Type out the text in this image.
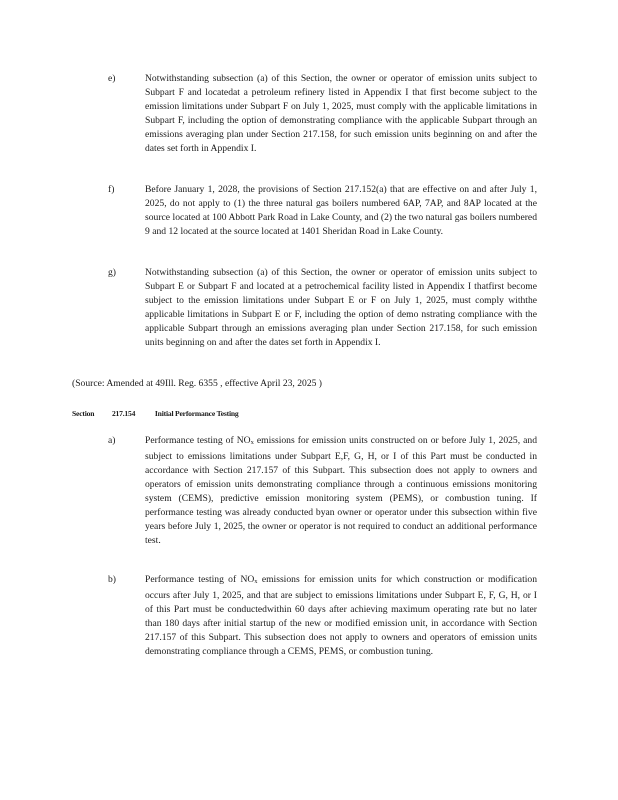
e)	Notwithstanding subsection (a) of this Section, the owner or operator of emission units subject to Subpart F and locatedat a petroleum refinery listed in Appendix I that first become subject to the emission limitations under Subpart F on July 1, 2025, must comply with the applicable limitations in Subpart F, including the option of demonstrating compliance with the applicable Subpart through an emissions averaging plan under Section 217.158, for such emission units beginning on and after the dates set forth in Appendix I.
f)	Before January 1, 2028, the provisions of Section 217.152(a) that are effective on and after July 1, 2025, do not apply to (1) the three natural gas boilers numbered 6AP, 7AP, and 8AP located at the source located at 100 Abbott Park Road in Lake County, and (2) the two natural gas boilers numbered 9 and 12 located at the source located at 1401 Sheridan Road in Lake County.
g)	Notwithstanding subsection (a) of this Section, the owner or operator of emission units subject to Subpart E or Subpart F and located at a petrochemical facility listed in Appendix I thatfirst become subject to the emission limitations under Subpart E or F on July 1, 2025, must comply withthe applicable limitations in Subpart E or F, including the option of demo nstrating compliance with the applicable Subpart through an emissions averaging plan under Section 217.158, for such emission units beginning on and after the dates set forth in Appendix I.
(Source: Amended at 49Ill. Reg. 6355 , effective April 23, 2025 )
Section 217.154	Initial Performance Testing
a)	Performance testing of NOx emissions for emission units constructed on or before July 1, 2025, and subject to emissions limitations under Subpart E,F, G, H, or I of this Part must be conducted in accordance with Section 217.157 of this Subpart. This subsection does not apply to owners and operators of emission units demonstrating compliance through a continuous emissions monitoring system (CEMS), predictive emission monitoring system (PEMS), or combustion tuning. If performance testing was already conducted byan owner or operator under this subsection within five years before July 1, 2025, the owner or operator is not required to conduct an additional performance test.
b)	Performance testing of NOx emissions for emission units for which construction or modification occurs after July 1, 2025, and that are subject to emissions limitations under Subpart E, F, G, H, or I of this Part must be conductedwithin 60 days after achieving maximum operating rate but no later than 180 days after initial startup of the new or modified emission unit, in accordance with Section 217.157 of this Subpart. This subsection does not apply to owners and operators of emission units demonstrating compliance through a CEMS, PEMS, or combustion tuning.
